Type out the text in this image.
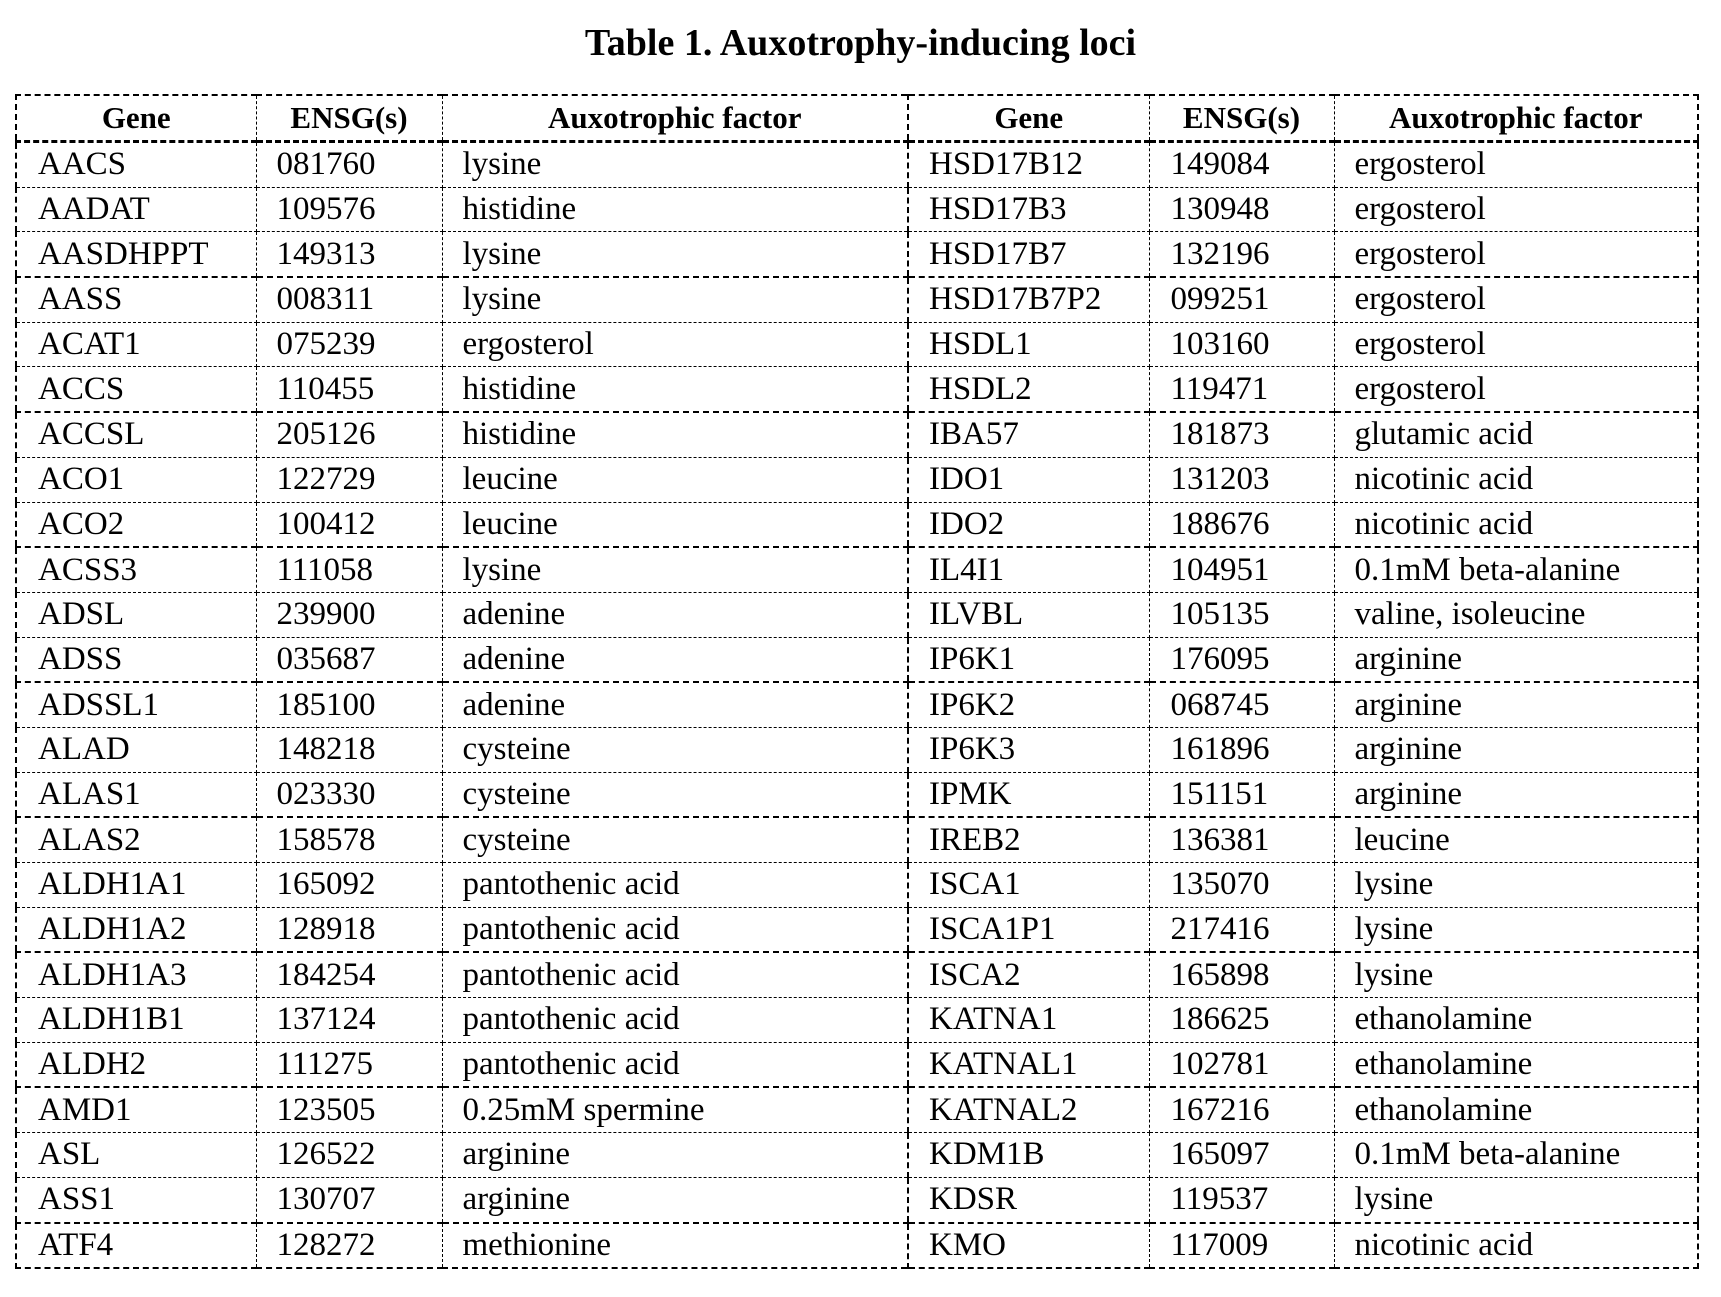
Table 1. Auxotrophy-inducing loci
Gene	ENSG(s)	Auxotrophic factor	Gene	ENSG(s)	Auxotrophic factor
AACS	081760	lysine	HSD17B12	149084	ergosterol
AADAT	109576	histidine	HSD17B3	130948	ergosterol
AASDHPPT	149313	lysine	HSD17B7	132196	ergosterol
AASS	008311	lysine	HSD17B7P2	099251	ergosterol
ACAT1	075239	ergosterol	HSDL1	103160	ergosterol
ACCS	110455	histidine	HSDL2	119471	ergosterol
ACCSL	205126	histidine	IBA57	181873	glutamic acid
ACO1	122729	leucine	IDO1	131203	nicotinic acid
ACO2	100412	leucine	IDO2	188676	nicotinic acid
ACSS3	111058	lysine	IL4I1	104951	0.1mM beta-alanine
ADSL	239900	adenine	ILVBL	105135	valine, isoleucine
ADSS	035687	adenine	IP6K1	176095	arginine
ADSSL1	185100	adenine	IP6K2	068745	arginine
ALAD	148218	cysteine	IP6K3	161896	arginine
ALAS1	023330	cysteine	IPMK	151151	arginine
ALAS2	158578	cysteine	IREB2	136381	leucine
ALDH1A1	165092	pantothenic acid	ISCA1	135070	lysine
ALDH1A2	128918	pantothenic acid	ISCA1P1	217416	lysine
ALDH1A3	184254	pantothenic acid	ISCA2	165898	lysine
ALDH1B1	137124	pantothenic acid	KATNA1	186625	ethanolamine
ALDH2	111275	pantothenic acid	KATNAL1	102781	ethanolamine
AMD1	123505	0.25mM spermine	KATNAL2	167216	ethanolamine
ASL	126522	arginine	KDM1B	165097	0.1mM beta-alanine
ASS1	130707	arginine	KDSR	119537	lysine
ATF4	128272	methionine	KMO	117009	nicotinic acid
